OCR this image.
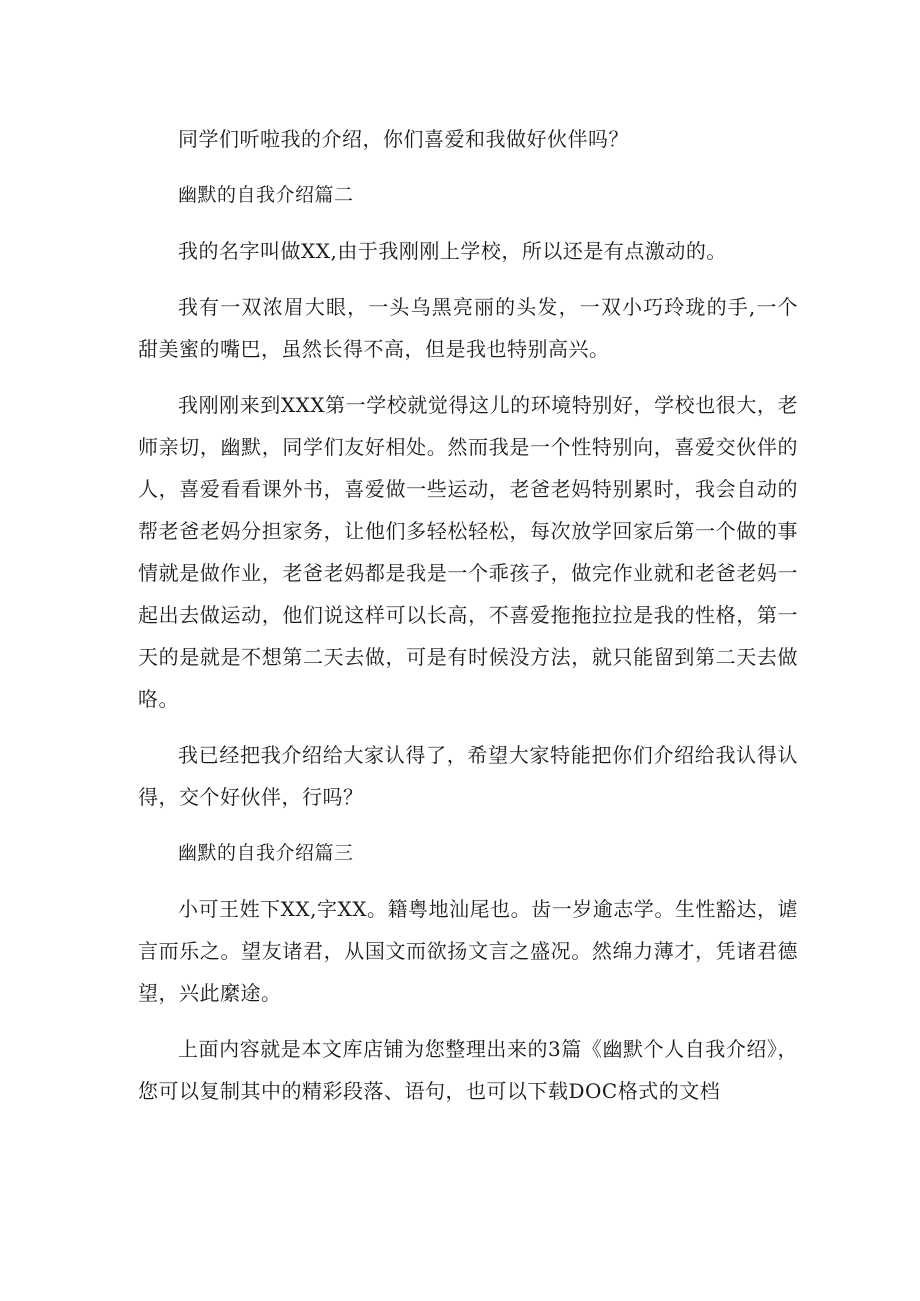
同学们听啦我的介绍，你们喜爱和我做好伙伴吗？

幽默的自我介绍篇二

我的名字叫做XX,由于我刚刚上学校，所以还是有点激动的。

我有一双浓眉大眼，一头乌黑亮丽的头发，一双小巧玲珑的手,一个甜美蜜的嘴巴，虽然长得不高，但是我也特别高兴。

我刚刚来到XXX第一学校就觉得这儿的环境特别好，学校也很大，老师亲切，幽默，同学们友好相处。然而我是一个性特别向，喜爱交伙伴的人，喜爱看看课外书，喜爱做一些运动，老爸老妈特别累时，我会自动的帮老爸老妈分担家务，让他们多轻松轻松，每次放学回家后第一个做的事情就是做作业，老爸老妈都是我是一个乖孩子，做完作业就和老爸老妈一起出去做运动，他们说这样可以长高，不喜爱拖拖拉拉是我的性格，第一天的是就是不想第二天去做，可是有时候没方法，就只能留到第二天去做咯。

我已经把我介绍给大家认得了，希望大家特能把你们介绍给我认得认得，交个好伙伴，行吗？

幽默的自我介绍篇三

小可王姓下XX,字XX。籍粤地汕尾也。齿一岁逾志学。生性豁达，谑言而乐之。望友诸君，从国文而欲扬文言之盛况。然绵力薄才，凭诸君德望，兴此縻途。

上面内容就是本文库店铺为您整理出来的3篇《幽默个人自我介绍》，您可以复制其中的精彩段落、语句，也可以下载DOC格式的文档
